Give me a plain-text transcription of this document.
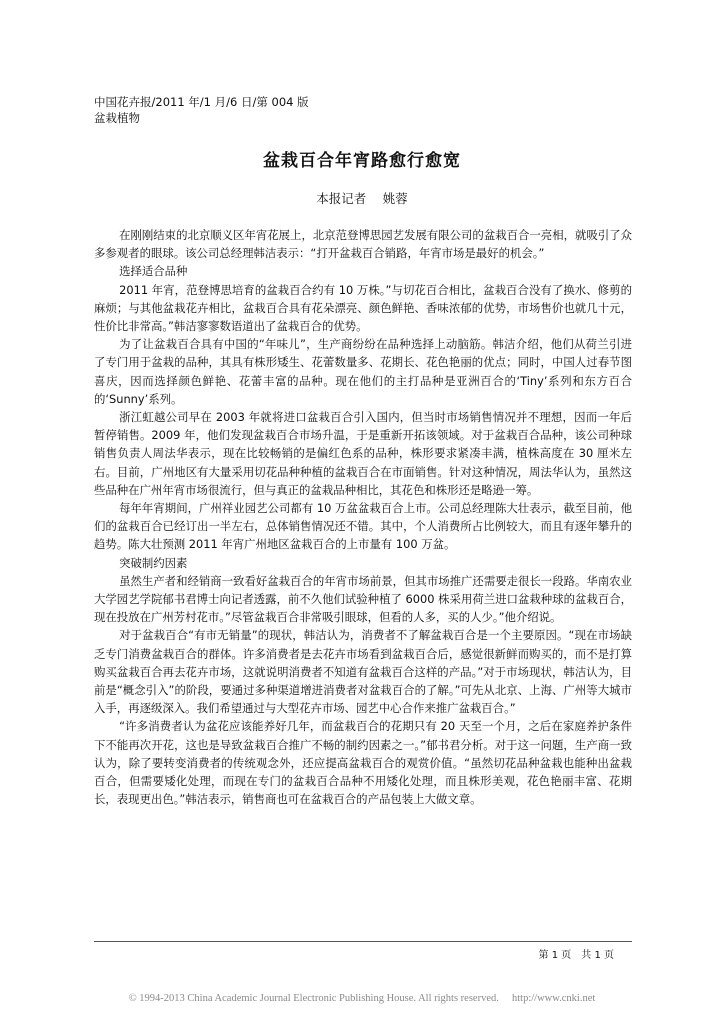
中国花卉报/2011 年/1 月/6 日/第 004 版
盆栽植物
盆栽百合年宵路愈行愈宽
本报记者　 姚蓉

在刚刚结束的北京顺义区年宵花展上，北京范登博思园艺发展有限公司的盆栽百合一亮相，就吸引了众多参观者的眼球。该公司总经理韩洁表示：“打开盆栽百合销路，年宵市场是最好的机会。”

选择适合品种

2011 年宵，范登博思培育的盆栽百合约有 10 万株。”与切花百合相比，盆栽百合没有了换水、修剪的麻烦；与其他盆栽花卉相比，盆栽百合具有花朵漂亮、颜色鲜艳、香味浓郁的优势，市场售价也就几十元，性价比非常高。”韩洁寥寥数语道出了盆栽百合的优势。

为了让盆栽百合具有中国的“年味儿”，生产商纷纷在品种选择上动脑筋。韩洁介绍，他们从荷兰引进了专门用于盆栽的品种，其具有株形矮生、花蕾数量多、花期长、花色艳丽的优点；同时，中国人过春节图喜庆，因而选择颜色鲜艳、花蕾丰富的品种。现在他们的主打品种是亚洲百合的‘Tiny’系列和东方百合的‘Sunny’系列。

浙江虹越公司早在 2003 年就将进口盆栽百合引入国内，但当时市场销售情况并不理想，因而一年后暂停销售。2009 年，他们发现盆栽百合市场升温，于是重新开拓该领域。对于盆栽百合品种，该公司种球销售负责人周法华表示，现在比较畅销的是偏红色系的品种，株形要求紧凑丰满，植株高度在 30 厘米左右。目前，广州地区有大量采用切花品种种植的盆栽百合在市面销售。针对这种情况，周法华认为，虽然这些品种在广州年宵市场很流行，但与真正的盆栽品种相比，其花色和株形还是略逊一筹。

每年年宵期间，广州祥业园艺公司都有 10 万盆盆栽百合上市。公司总经理陈大壮表示，截至目前，他们的盆栽百合已经订出一半左右，总体销售情况还不错。其中，个人消费所占比例较大，而且有逐年攀升的趋势。陈大壮预测 2011 年宵广州地区盆栽百合的上市量有 100 万盆。

突破制约因素

虽然生产者和经销商一致看好盆栽百合的年宵市场前景，但其市场推广还需要走很长一段路。华南农业大学园艺学院郁书君博士向记者透露，前不久他们试验种植了 6000 株采用荷兰进口盆栽种球的盆栽百合，现在投放在广州芳村花市。”尽管盆栽百合非常吸引眼球，但看的人多，买的人少。”他介绍说。

对于盆栽百合“有市无销量”的现状，韩洁认为，消费者不了解盆栽百合是一个主要原因。“现在市场缺乏专门消费盆栽百合的群体。许多消费者是去花卉市场看到盆栽百合后，感觉很新鲜而购买的，而不是打算购买盆栽百合再去花卉市场，这就说明消费者不知道有盆栽百合这样的产品。”对于市场现状，韩洁认为，目前是“概念引入”的阶段，要通过多种渠道增进消费者对盆栽百合的了解。”可先从北京、上海、广州等大城市入手，再逐级深入。我们希望通过与大型花卉市场、园艺中心合作来推广盆栽百合。”

“许多消费者认为盆花应该能养好几年，而盆栽百合的花期只有 20 天至一个月，之后在家庭养护条件下不能再次开花，这也是导致盆栽百合推广不畅的制约因素之一。”郁书君分析。对于这一问题，生产商一致认为，除了要转变消费者的传统观念外，还应提高盆栽百合的观赏价值。“虽然切花品种盆栽也能种出盆栽百合，但需要矮化处理，而现在专门的盆栽百合品种不用矮化处理，而且株形美观，花色艳丽丰富、花期长，表现更出色。”韩洁表示，销售商也可在盆栽百合的产品包装上大做文章。

第 1 页　共 1 页
© 1994-2013 China Academic Journal Electronic Publishing House. All rights reserved.　 http://www.cnki.net
